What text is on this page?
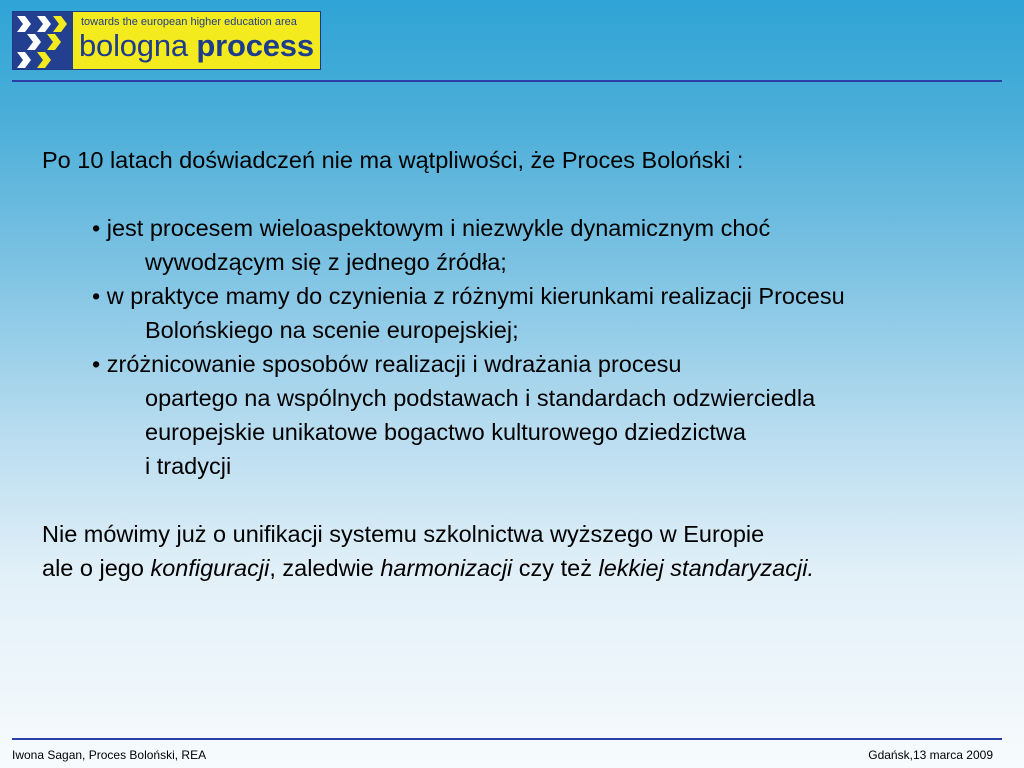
towards the european higher education area
bologna process
Po 10 latach doświadczeń nie ma wątpliwości, że Proces Boloński :
• jest procesem wieloaspektowym i niezwykle dynamicznym choć
wywodzącym się z jednego źródła;
• w praktyce mamy do czynienia z różnymi kierunkami realizacji Procesu
Bolońskiego na scenie europejskiej;
• zróżnicowanie sposobów realizacji i wdrażania procesu
opartego na wspólnych podstawach i standardach odzwierciedla
europejskie unikatowe bogactwo kulturowego dziedzictwa
i tradycji
Nie mówimy już o unifikacji systemu szkolnictwa wyższego w Europie
ale o jego konfiguracji, zaledwie harmonizacji czy też lekkiej standaryzacji.
Iwona Sagan, Proces Boloński, REA	Gdańsk,13 marca 2009
